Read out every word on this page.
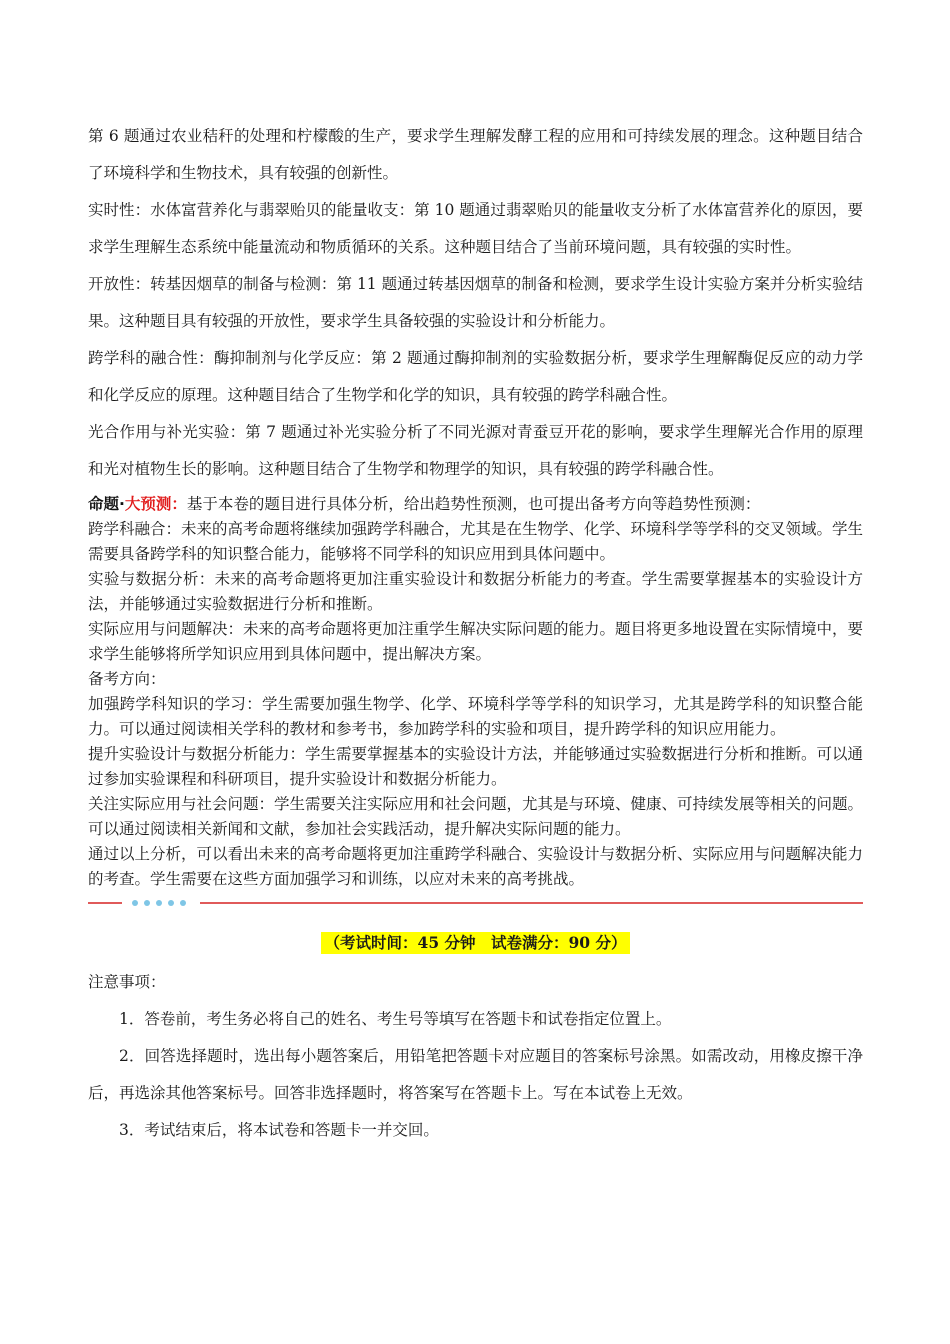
第 6 题通过农业秸秆的处理和柠檬酸的生产，要求学生理解发酵工程的应用和可持续发展的理念。这种题目结合了环境科学和生物技术，具有较强的创新性。

实时性：水体富营养化与翡翠贻贝的能量收支：第 10 题通过翡翠贻贝的能量收支分析了水体富营养化的原因，要求学生理解生态系统中能量流动和物质循环的关系。这种题目结合了当前环境问题，具有较强的实时性。

开放性：转基因烟草的制备与检测：第 11 题通过转基因烟草的制备和检测，要求学生设计实验方案并分析实验结果。这种题目具有较强的开放性，要求学生具备较强的实验设计和分析能力。

跨学科的融合性：酶抑制剂与化学反应：第 2 题通过酶抑制剂的实验数据分析，要求学生理解酶促反应的动力学和化学反应的原理。这种题目结合了生物学和化学的知识，具有较强的跨学科融合性。

光合作用与补光实验：第 7 题通过补光实验分析了不同光源对青蚕豆开花的影响，要求学生理解光合作用的原理和光对植物生长的影响。这种题目结合了生物学和物理学的知识，具有较强的跨学科融合性。

命题·大预测：基于本卷的题目进行具体分析，给出趋势性预测，也可提出备考方向等趋势性预测：

跨学科融合：未来的高考命题将继续加强跨学科融合，尤其是在生物学、化学、环境科学等学科的交叉领域。学生需要具备跨学科的知识整合能力，能够将不同学科的知识应用到具体问题中。

实验与数据分析：未来的高考命题将更加注重实验设计和数据分析能力的考查。学生需要掌握基本的实验设计方法，并能够通过实验数据进行分析和推断。

实际应用与问题解决：未来的高考命题将更加注重学生解决实际问题的能力。题目将更多地设置在实际情境中，要求学生能够将所学知识应用到具体问题中，提出解决方案。

备考方向：

加强跨学科知识的学习：学生需要加强生物学、化学、环境科学等学科的知识学习，尤其是跨学科的知识整合能力。可以通过阅读相关学科的教材和参考书，参加跨学科的实验和项目，提升跨学科的知识应用能力。

提升实验设计与数据分析能力：学生需要掌握基本的实验设计方法，并能够通过实验数据进行分析和推断。可以通过参加实验课程和科研项目，提升实验设计和数据分析能力。

关注实际应用与社会问题：学生需要关注实际应用和社会问题，尤其是与环境、健康、可持续发展等相关的问题。可以通过阅读相关新闻和文献，参加社会实践活动，提升解决实际问题的能力。

通过以上分析，可以看出未来的高考命题将更加注重跨学科融合、实验设计与数据分析、实际应用与问题解决能力的考查。学生需要在这些方面加强学习和训练，以应对未来的高考挑战。

（考试时间：45 分钟　试卷满分：90 分）

注意事项：

1．答卷前，考生务必将自己的姓名、考生号等填写在答题卡和试卷指定位置上。

2．回答选择题时，选出每小题答案后，用铅笔把答题卡对应题目的答案标号涂黑。如需改动，用橡皮擦干净后，再选涂其他答案标号。回答非选择题时，将答案写在答题卡上。写在本试卷上无效。

3．考试结束后，将本试卷和答题卡一并交回。
